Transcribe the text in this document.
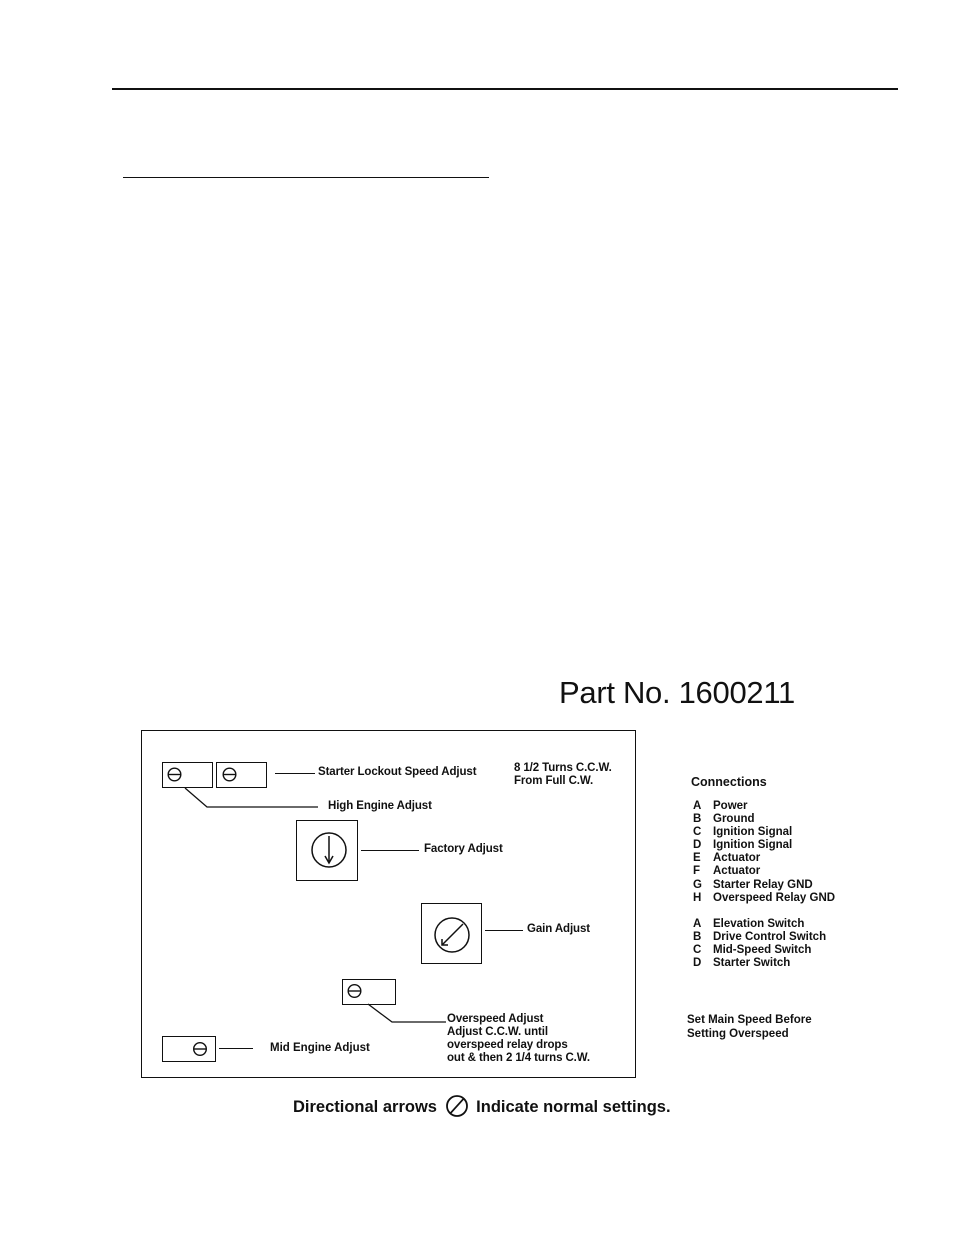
Part No. 1600211
Starter Lockout Speed Adjust	8 1/2 Turns C.C.W.
From Full C.W.
High Engine Adjust
Factory Adjust
Gain Adjust
Overspeed Adjust
Adjust C.C.W. until
overspeed relay drops
out & then 2 1/4 turns C.W.
Mid Engine Adjust
Connections
A Power
B Ground
C Ignition Signal
D Ignition Signal
E Actuator
F Actuator
G Starter Relay GND
H Overspeed Relay GND
A Elevation Switch
B Drive Control Switch
C Mid-Speed Switch
D Starter Switch
Set Main Speed Before
Setting Overspeed
Directional arrows Indicate normal settings.
